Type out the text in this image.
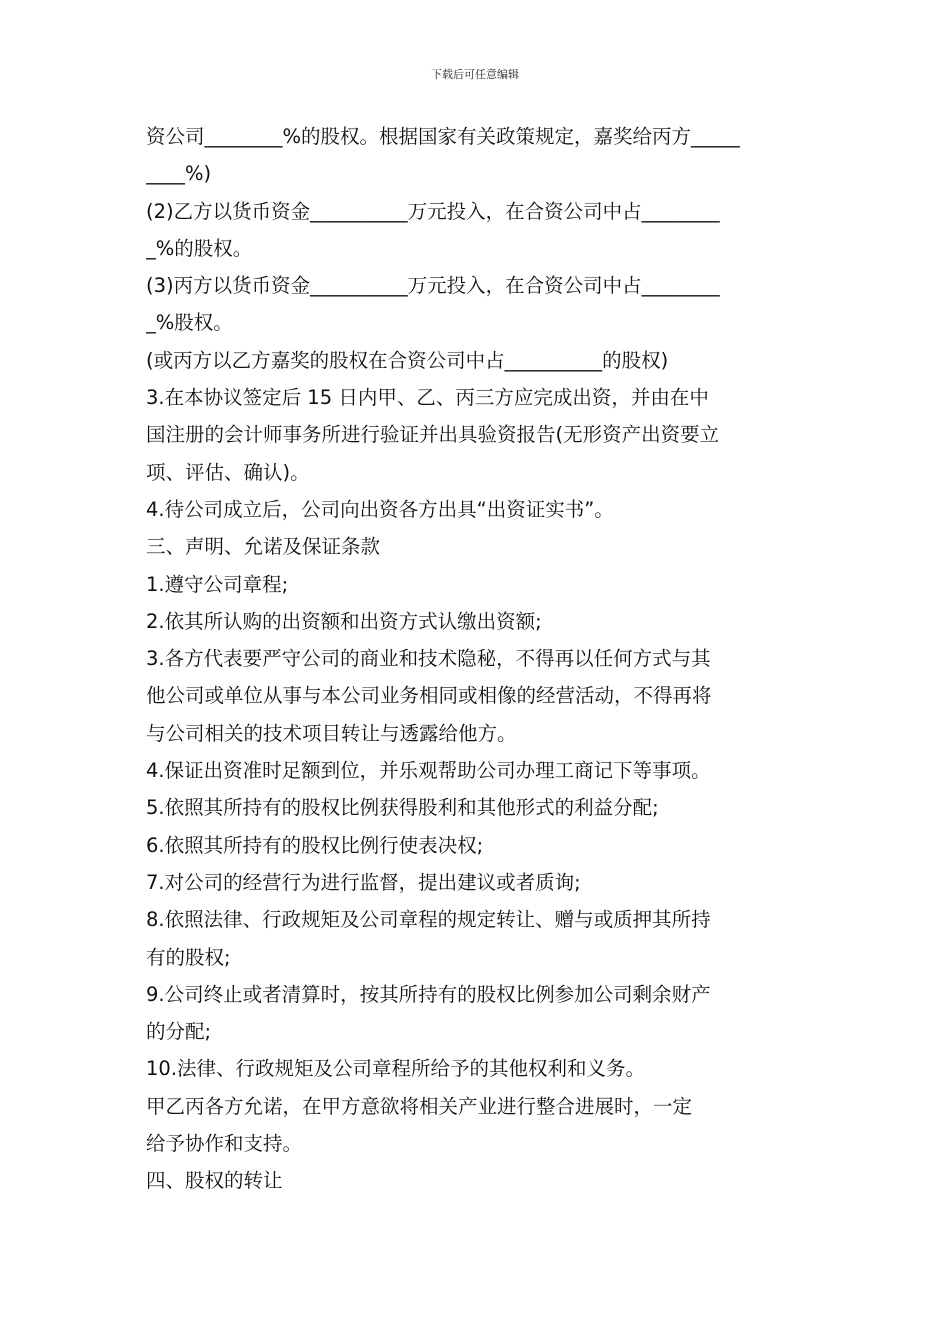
下载后可任意编辑
资公司________%的股权。根据国家有关政策规定，嘉奖给丙方_____
____%)
(2)乙方以货币资金__________万元投入，在合资公司中占________
_%的股权。
(3)丙方以货币资金__________万元投入，在合资公司中占________
_%股权。
(或丙方以乙方嘉奖的股权在合资公司中占__________的股权)
3.在本协议签定后 15 日内甲、乙、丙三方应完成出资，并由在中
国注册的会计师事务所进行验证并出具验资报告(无形资产出资要立
项、评估、确认)。
4.待公司成立后，公司向出资各方出具“出资证实书”。
三、声明、允诺及保证条款
1.遵守公司章程;
2.依其所认购的出资额和出资方式认缴出资额;
3.各方代表要严守公司的商业和技术隐秘，不得再以任何方式与其
他公司或单位从事与本公司业务相同或相像的经营活动，不得再将
与公司相关的技术项目转让与透露给他方。
4.保证出资准时足额到位，并乐观帮助公司办理工商记下等事项。
5.依照其所持有的股权比例获得股利和其他形式的利益分配;
6.依照其所持有的股权比例行使表决权;
7.对公司的经营行为进行监督，提出建议或者质询;
8.依照法律、行政规矩及公司章程的规定转让、赠与或质押其所持
有的股权;
9.公司终止或者清算时，按其所持有的股权比例参加公司剩余财产
的分配;
10.法律、行政规矩及公司章程所给予的其他权利和义务。
甲乙丙各方允诺，在甲方意欲将相关产业进行整合进展时，一定
给予协作和支持。
四、股权的转让
